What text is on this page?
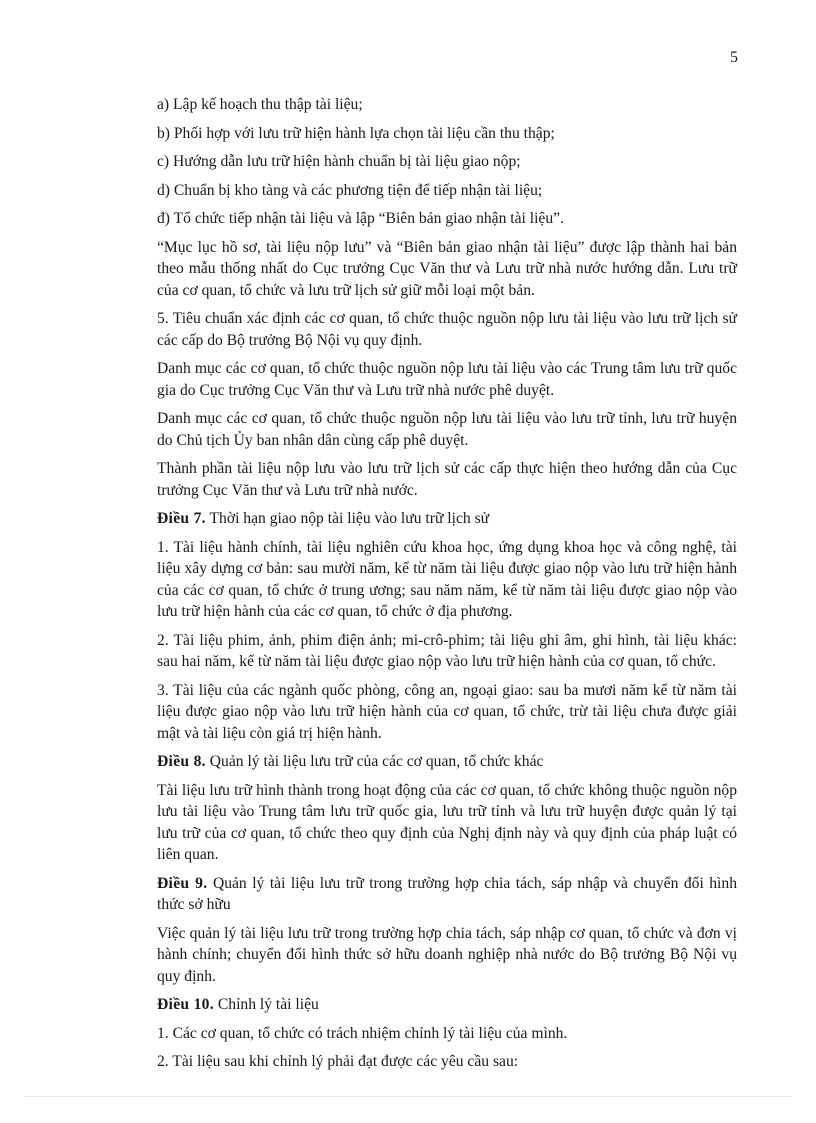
5

a) Lập kế hoạch thu thập tài liệu;

b) Phối hợp với lưu trữ hiện hành lựa chọn tài liệu cần thu thập;

c) Hướng dẫn lưu trữ hiện hành chuẩn bị tài liệu giao nộp;

d) Chuẩn bị kho tàng và các phương tiện để tiếp nhận tài liệu;

đ) Tổ chức tiếp nhận tài liệu và lập “Biên bản giao nhận tài liệu”.

“Mục lục hồ sơ, tài liệu nộp lưu” và “Biên bản giao nhận tài liệu” được lập thành hai bản theo mẫu thống nhất do Cục trưởng Cục Văn thư và Lưu trữ nhà nước hướng dẫn. Lưu trữ của cơ quan, tổ chức và lưu trữ lịch sử giữ mỗi loại một bản.

5. Tiêu chuẩn xác định các cơ quan, tổ chức thuộc nguồn nộp lưu tài liệu vào lưu trữ lịch sử các cấp do Bộ trưởng Bộ Nội vụ quy định.

Danh mục các cơ quan, tổ chức thuộc nguồn nộp lưu tài liệu vào các Trung tâm lưu trữ quốc gia do Cục trưởng Cục Văn thư và Lưu trữ nhà nước phê duyệt.

Danh mục các cơ quan, tổ chức thuộc nguồn nộp lưu tài liệu vào lưu trữ tỉnh, lưu trữ huyện do Chủ tịch Ủy ban nhân dân cùng cấp phê duyệt.

Thành phần tài liệu nộp lưu vào lưu trữ lịch sử các cấp thực hiện theo hướng dẫn của Cục trưởng Cục Văn thư và Lưu trữ nhà nước.

Điều 7. Thời hạn giao nộp tài liệu vào lưu trữ lịch sử

1. Tài liệu hành chính, tài liệu nghiên cứu khoa học, ứng dụng khoa học và công nghệ, tài liệu xây dựng cơ bản: sau mười năm, kể từ năm tài liệu được giao nộp vào lưu trữ hiện hành của các cơ quan, tổ chức ở trung ương; sau năm năm, kể từ năm tài liệu được giao nộp vào lưu trữ hiện hành của các cơ quan, tổ chức ở địa phương.

2. Tài liệu phim, ảnh, phim điện ảnh; mi-crô-phim; tài liệu ghi âm, ghi hình, tài liệu khác: sau hai năm, kể từ năm tài liệu được giao nộp vào lưu trữ hiện hành của cơ quan, tổ chức.

3. Tài liệu của các ngành quốc phòng, công an, ngoại giao: sau ba mươi năm kể từ năm tài liệu được giao nộp vào lưu trữ hiện hành của cơ quan, tổ chức, trừ tài liệu chưa được giải mật và tài liệu còn giá trị hiện hành.

Điều 8. Quản lý tài liệu lưu trữ của các cơ quan, tổ chức khác

Tài liệu lưu trữ hình thành trong hoạt động của các cơ quan, tổ chức không thuộc nguồn nộp lưu tài liệu vào Trung tâm lưu trữ quốc gia, lưu trữ tỉnh và lưu trữ huyện được quản lý tại lưu trữ của cơ quan, tổ chức theo quy định của Nghị định này và quy định của pháp luật có liên quan.

Điều 9. Quản lý tài liệu lưu trữ trong trường hợp chia tách, sáp nhập và chuyển đổi hình thức sở hữu

Việc quản lý tài liệu lưu trữ trong trường hợp chia tách, sáp nhập cơ quan, tổ chức và đơn vị hành chính; chuyển đổi hình thức sở hữu doanh nghiệp nhà nước do Bộ trưởng Bộ Nội vụ quy định.

Điều 10. Chỉnh lý tài liệu

1. Các cơ quan, tổ chức có trách nhiệm chỉnh lý tài liệu của mình.

2. Tài liệu sau khi chỉnh lý phải đạt được các yêu cầu sau:
